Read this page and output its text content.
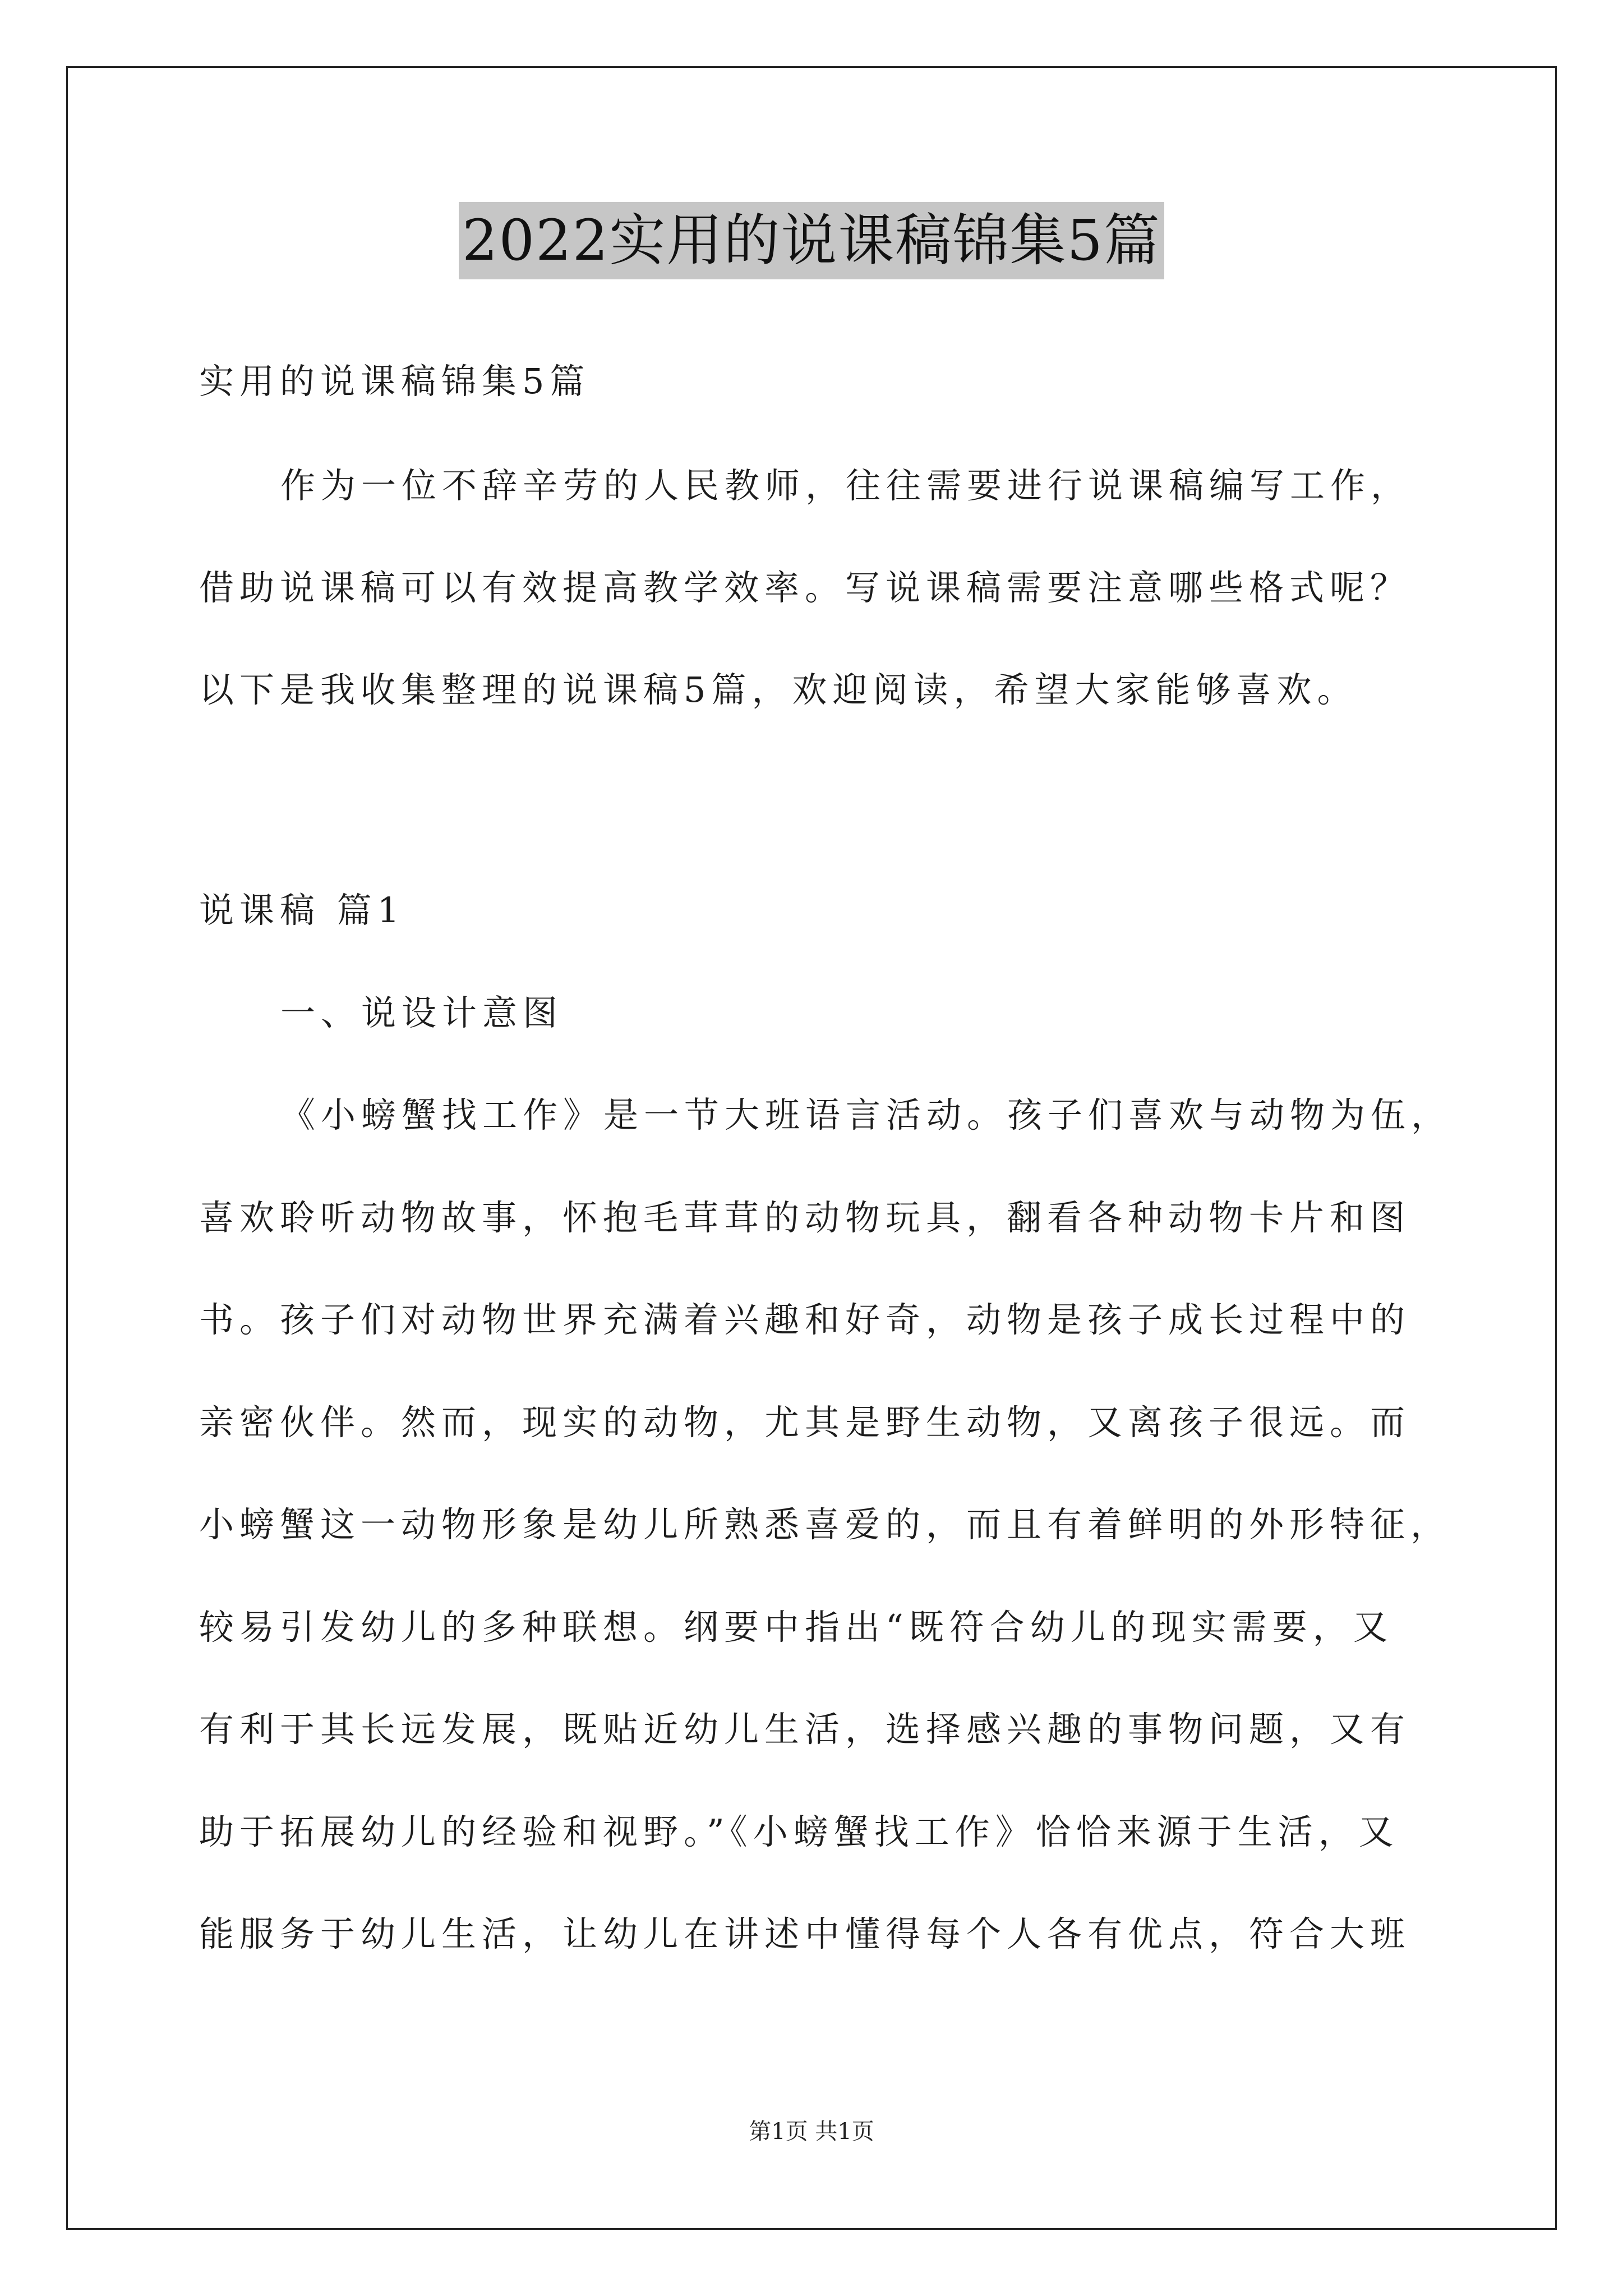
2022实用的说课稿锦集5篇
实用的说课稿锦集5篇
作为一位不辞辛劳的人民教师，往往需要进行说课稿编写工作，
借助说课稿可以有效提高教学效率。写说课稿需要注意哪些格式呢？
以下是我收集整理的说课稿5篇，欢迎阅读，希望大家能够喜欢。
说课稿 篇1
一、说设计意图
《小螃蟹找工作》是一节大班语言活动。孩子们喜欢与动物为伍，
喜欢聆听动物故事，怀抱毛茸茸的动物玩具，翻看各种动物卡片和图
书。孩子们对动物世界充满着兴趣和好奇，动物是孩子成长过程中的
亲密伙伴。然而，现实的动物，尤其是野生动物，又离孩子很远。而
小螃蟹这一动物形象是幼儿所熟悉喜爱的，而且有着鲜明的外形特征，
较易引发幼儿的多种联想。纲要中指出“既符合幼儿的现实需要，又
有利于其长远发展，既贴近幼儿生活，选择感兴趣的事物问题，又有
助于拓展幼儿的经验和视野。”《小螃蟹找工作》恰恰来源于生活，又
能服务于幼儿生活，让幼儿在讲述中懂得每个人各有优点，符合大班
第1页 共1页
